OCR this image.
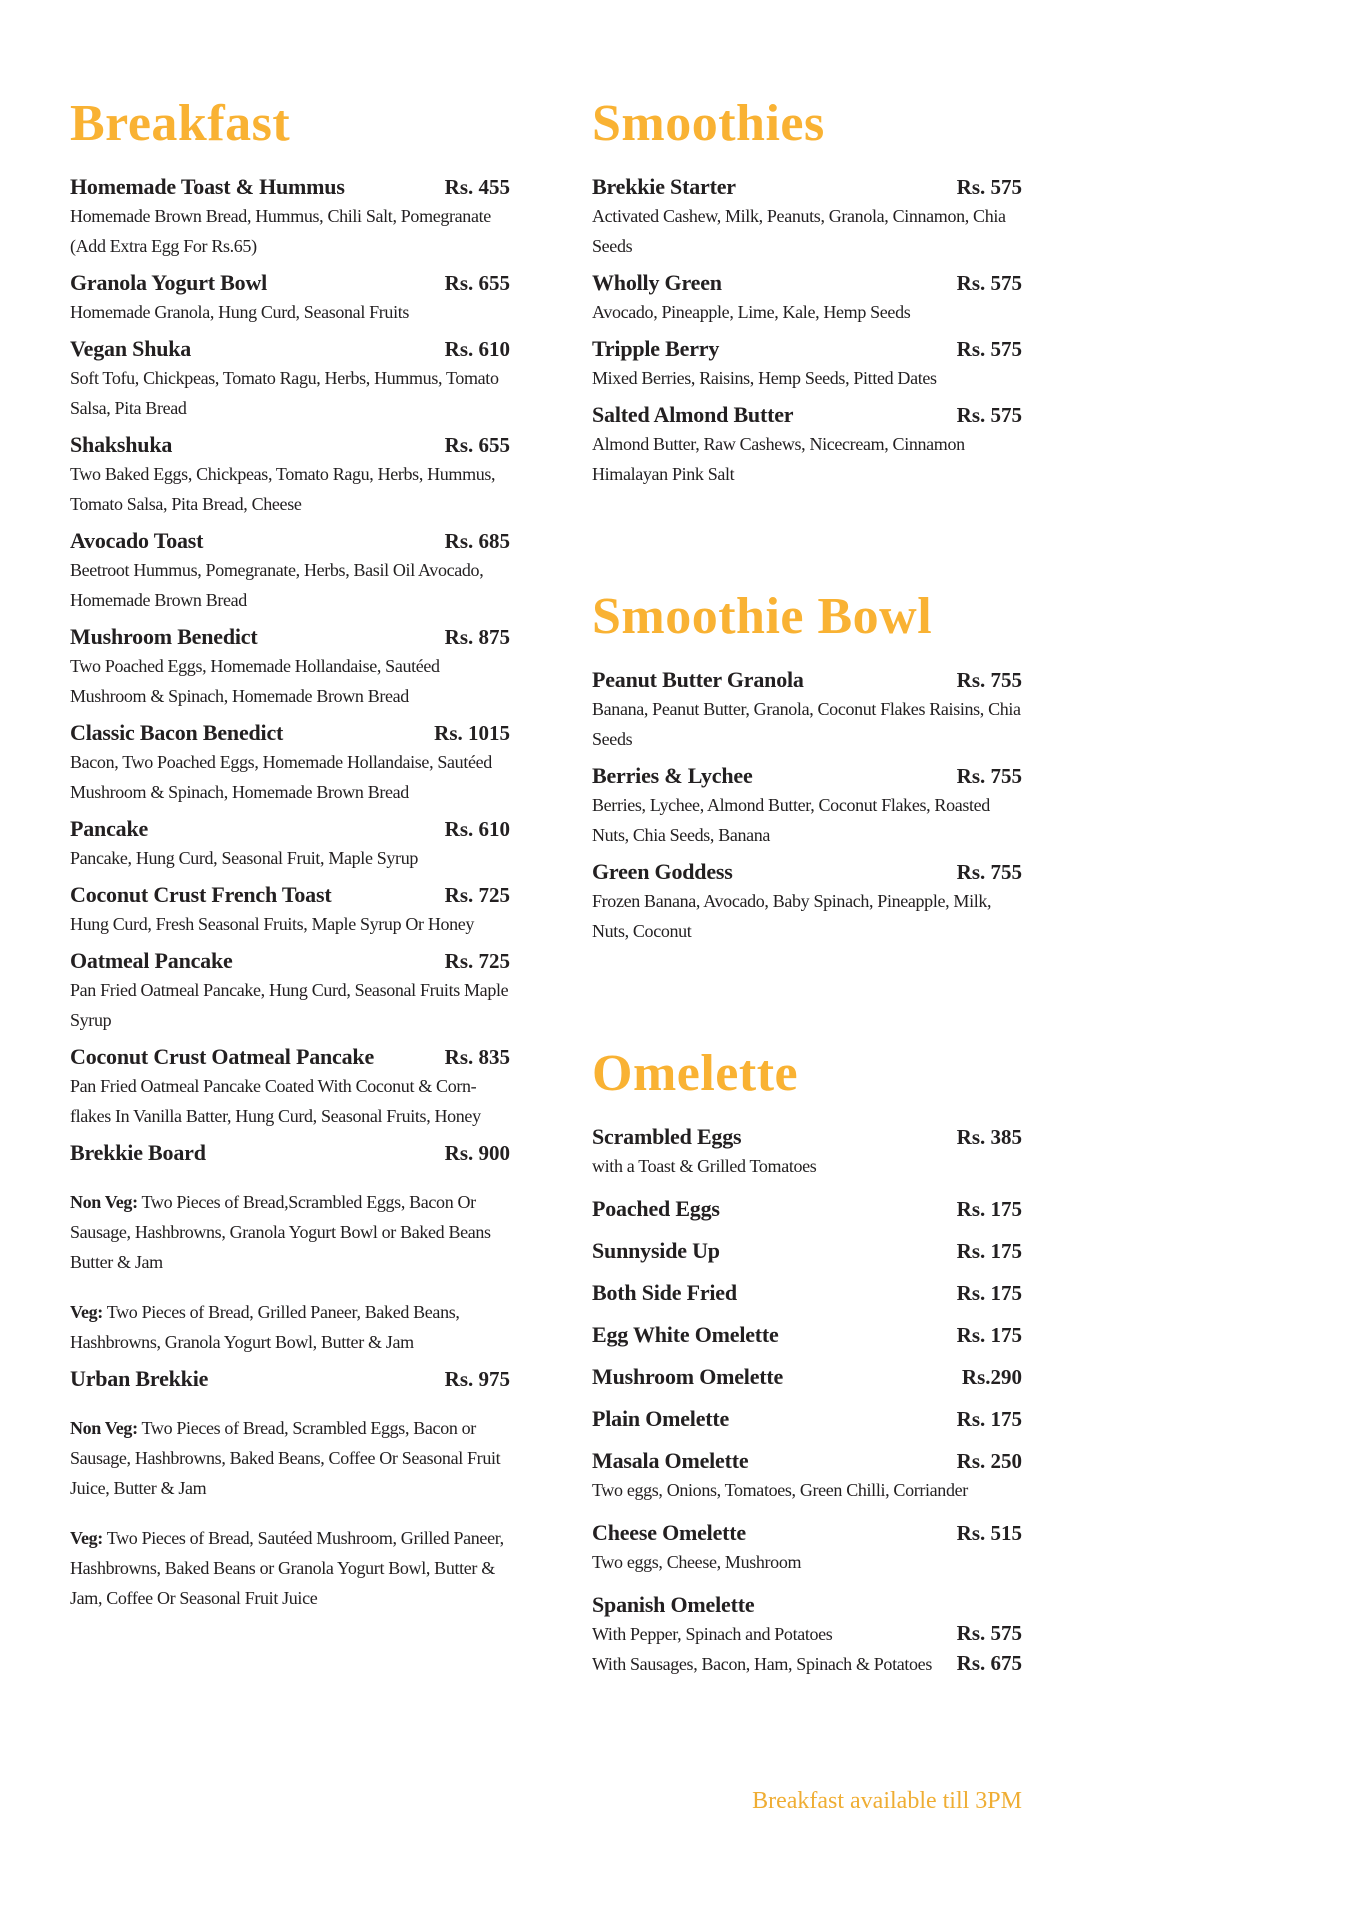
Breakfast
Homemade Toast & Hummus	Rs. 455
Homemade Brown Bread, Hummus, Chili Salt, Pomegranate (Add Extra Egg For Rs.65)
Granola Yogurt Bowl	Rs. 655
Homemade Granola, Hung Curd, Seasonal Fruits
Vegan Shuka	Rs. 610
Soft Tofu, Chickpeas, Tomato Ragu, Herbs, Hummus, Tomato Salsa, Pita Bread
Shakshuka	Rs. 655
Two Baked Eggs, Chickpeas, Tomato Ragu, Herbs, Hummus, Tomato Salsa, Pita Bread, Cheese
Avocado Toast	Rs. 685
Beetroot Hummus, Pomegranate, Herbs, Basil Oil Avocado, Homemade Brown Bread
Mushroom Benedict	Rs. 875
Two Poached Eggs, Homemade Hollandaise, Sautéed Mushroom & Spinach, Homemade Brown Bread
Classic Bacon Benedict	Rs. 1015
Bacon, Two Poached Eggs, Homemade Hollandaise, Sautéed Mushroom & Spinach, Homemade Brown Bread
Pancake	Rs. 610
Pancake, Hung Curd, Seasonal Fruit, Maple Syrup
Coconut Crust French Toast	Rs. 725
Hung Curd, Fresh Seasonal Fruits, Maple Syrup Or Honey
Oatmeal Pancake	Rs. 725
Pan Fried Oatmeal Pancake, Hung Curd, Seasonal Fruits Maple Syrup
Coconut Crust Oatmeal Pancake	Rs. 835
Pan Fried Oatmeal Pancake Coated With Coconut & Corn-flakes In Vanilla Batter, Hung Curd, Seasonal Fruits, Honey
Brekkie Board	Rs. 900
Non Veg: Two Pieces of Bread,Scrambled Eggs, Bacon Or Sausage, Hashbrowns, Granola Yogurt Bowl or Baked Beans Butter & Jam
Veg: Two Pieces of Bread, Grilled Paneer, Baked Beans, Hashbrowns, Granola Yogurt Bowl, Butter & Jam
Urban Brekkie	Rs. 975
Non Veg: Two Pieces of Bread, Scrambled Eggs, Bacon or Sausage, Hashbrowns, Baked Beans, Coffee Or Seasonal Fruit Juice, Butter & Jam
Veg: Two Pieces of Bread, Sautéed Mushroom, Grilled Paneer, Hashbrowns, Baked Beans or Granola Yogurt Bowl, Butter & Jam, Coffee Or Seasonal Fruit Juice
Smoothies
Brekkie Starter	Rs. 575
Activated Cashew, Milk, Peanuts, Granola, Cinnamon, Chia Seeds
Wholly Green	Rs. 575
Avocado, Pineapple, Lime, Kale, Hemp Seeds
Tripple Berry	Rs. 575
Mixed Berries, Raisins, Hemp Seeds, Pitted Dates
Salted Almond Butter	Rs. 575
Almond Butter, Raw Cashews, Nicecream, Cinnamon Himalayan Pink Salt
Smoothie Bowl
Peanut Butter Granola	Rs. 755
Banana, Peanut Butter, Granola, Coconut Flakes Raisins, Chia Seeds
Berries & Lychee	Rs. 755
Berries, Lychee, Almond Butter, Coconut Flakes, Roasted Nuts, Chia Seeds, Banana
Green Goddess	Rs. 755
Frozen Banana, Avocado, Baby Spinach, Pineapple, Milk, Nuts, Coconut
Omelette
Scrambled Eggs	Rs. 385
with a Toast & Grilled Tomatoes
Poached Eggs	Rs. 175
Sunnyside Up	Rs. 175
Both Side Fried	Rs. 175
Egg White Omelette	Rs. 175
Mushroom Omelette	Rs.290
Plain Omelette	Rs. 175
Masala Omelette	Rs. 250
Two eggs, Onions, Tomatoes, Green Chilli, Corriander
Cheese Omelette	Rs. 515
Two eggs, Cheese, Mushroom
Spanish Omelette
With Pepper, Spinach and Potatoes	Rs. 575
With Sausages, Bacon, Ham, Spinach & Potatoes Rs. 675
Breakfast available till 3PM
